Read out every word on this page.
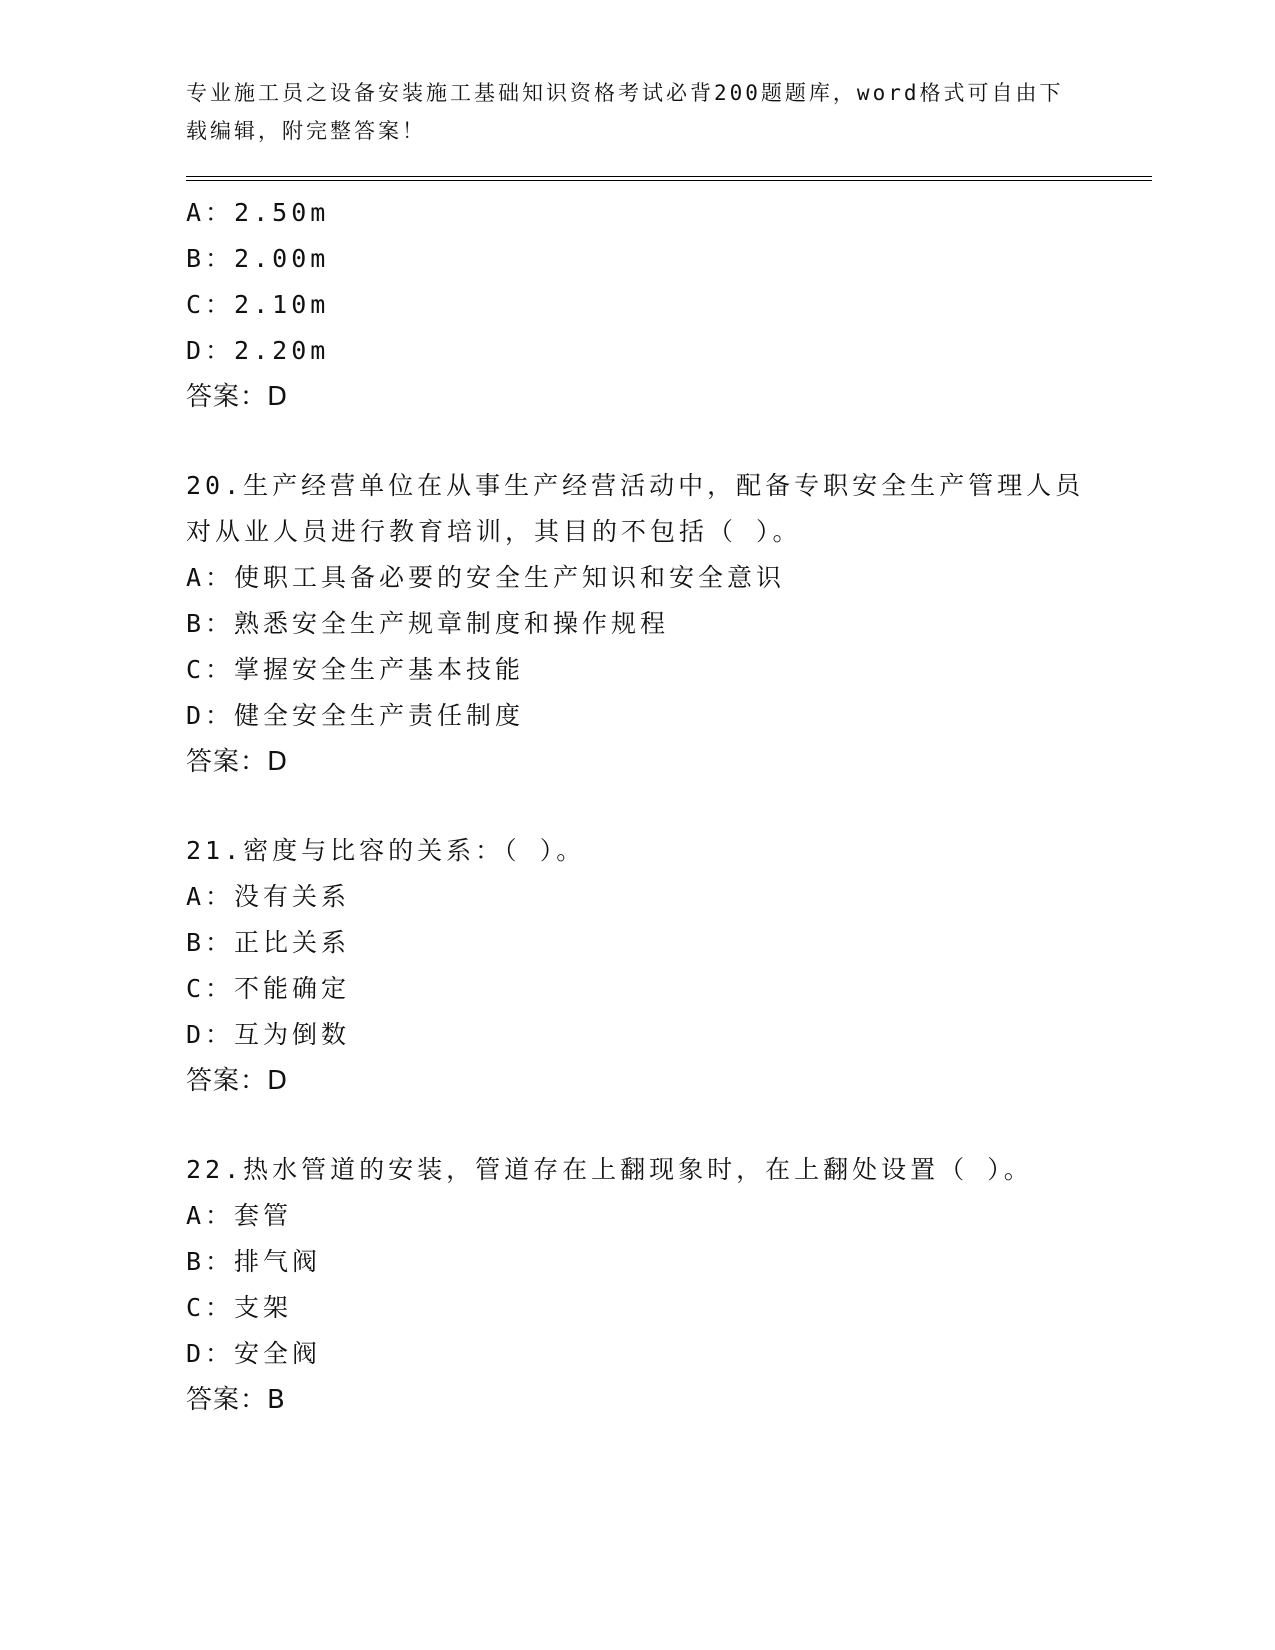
专业施工员之设备安装施工基础知识资格考试必背200题题库，word格式可自由下载编辑，附完整答案！
A：2.50m
B：2.00m
C：2.10m
D：2.20m
答案：D
20.生产经营单位在从事生产经营活动中，配备专职安全生产管理人员
对从业人员进行教育培训，其目的不包括（ ）。
A：使职工具备必要的安全生产知识和安全意识
B：熟悉安全生产规章制度和操作规程
C：掌握安全生产基本技能
D：健全安全生产责任制度
答案：D
21.密度与比容的关系：（ ）。
A：没有关系
B：正比关系
C：不能确定
D：互为倒数
答案：D
22.热水管道的安装，管道存在上翻现象时，在上翻处设置（ ）。
A：套管
B：排气阀
C：支架
D：安全阀
答案：B
